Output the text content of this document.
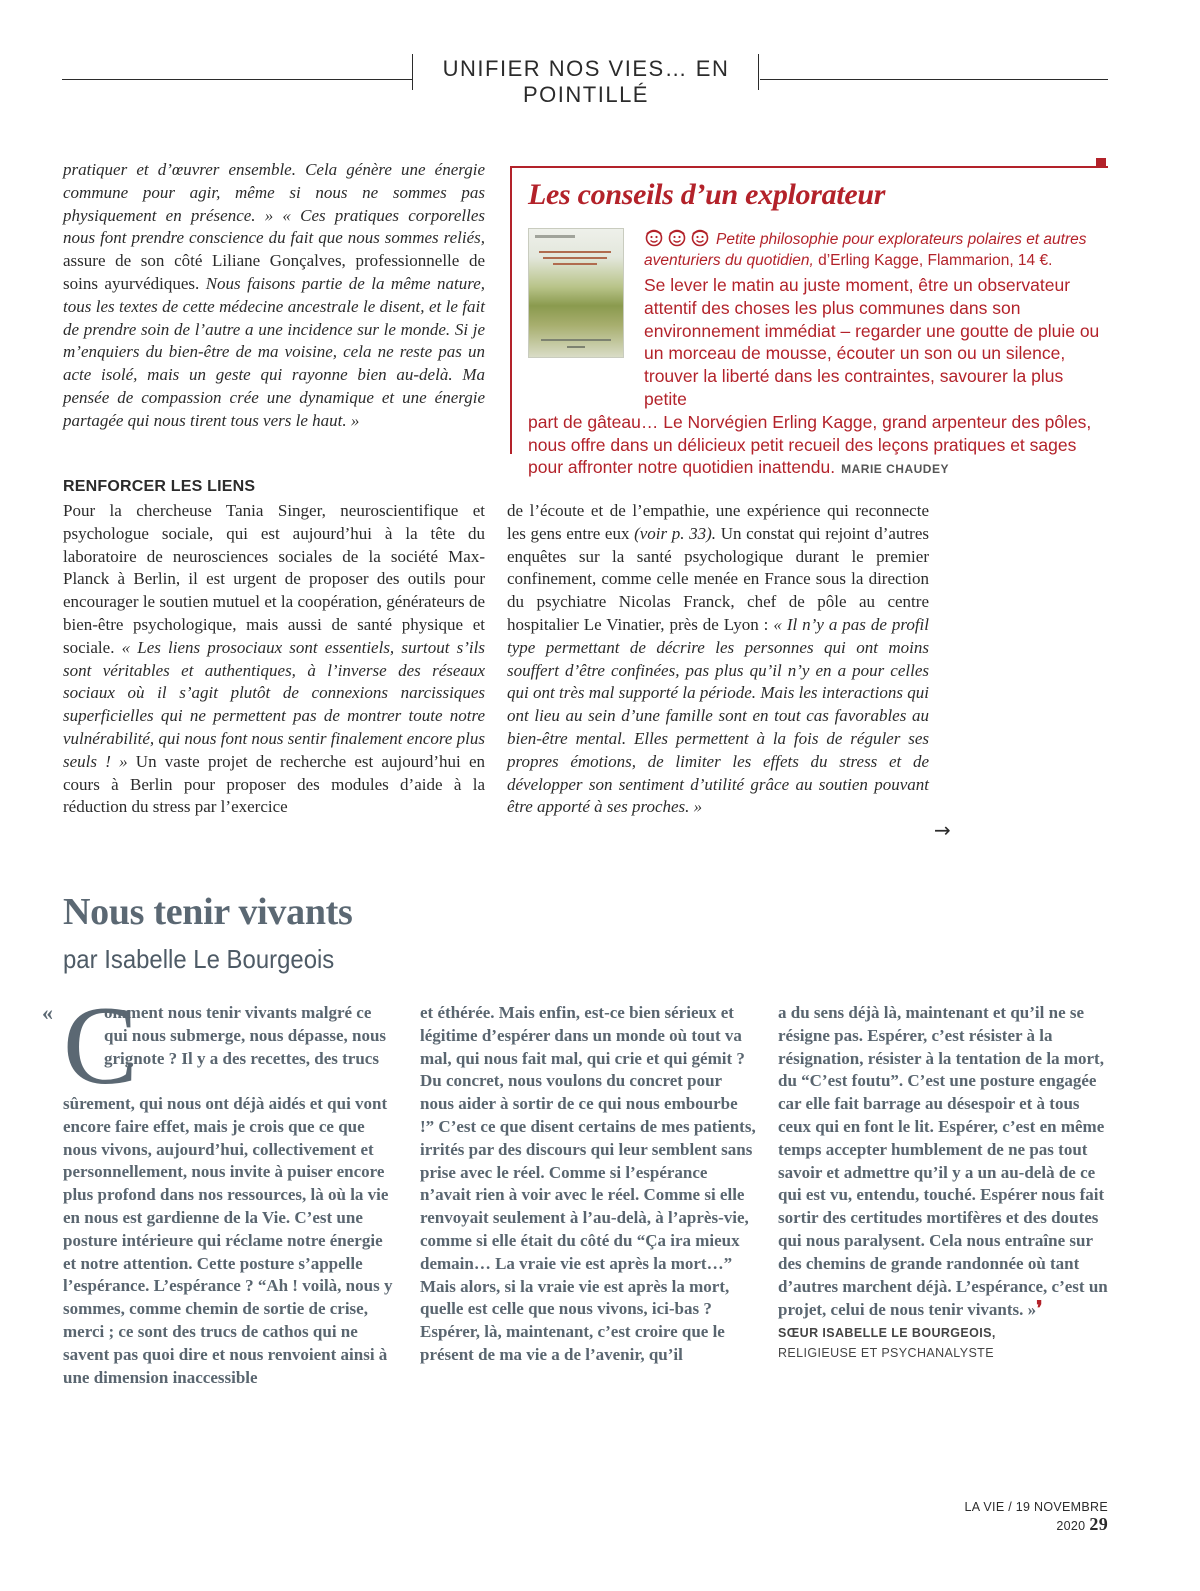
UNIFIER NOS VIES… EN POINTILLÉ

pratiquer et d’œuvrer ensemble. Cela génère une énergie commune pour agir, même si nous ne sommes pas physiquement en présence. » « Ces pratiques corporelles nous font prendre conscience du fait que nous sommes reliés, assure de son côté Liliane Gonçalves, professionnelle de soins ayurvédiques. Nous faisons partie de la même nature, tous les textes de cette médecine ancestrale le disent, et le fait de prendre soin de l’autre a une incidence sur le monde. Si je m’enquiers du bien-être de ma voisine, cela ne reste pas un acte isolé, mais un geste qui rayonne bien au-delà. Ma pensée de compassion crée une dynamique et une énergie partagée qui nous tirent tous vers le haut. »

Les conseils d’un explorateur
Petite philosophie pour explorateurs polaires et autres aventuriers du quotidien, d’Erling Kagge, Flammarion, 14 €.
Se lever le matin au juste moment, être un observateur attentif des choses les plus communes dans son environnement immédiat – regarder une goutte de pluie ou un morceau de mousse, écouter un son ou un silence, trouver la liberté dans les contraintes, savourer la plus petite
part de gâteau… Le Norvégien Erling Kagge, grand arpenteur des pôles, nous offre dans un délicieux petit recueil des leçons pratiques et sages pour affronter notre quotidien inattendu. MARIE CHAUDEY
RENFORCER LES LIENS

Pour la chercheuse Tania Singer, neuroscientifique et psychologue sociale, qui est aujourd’hui à la tête du laboratoire de neurosciences sociales de la société Max-Planck à Berlin, il est urgent de proposer des outils pour encourager le soutien mutuel et la coopération, générateurs de bien-être psychologique, mais aussi de santé physique et sociale. « Les liens prosociaux sont essentiels, surtout s’ils sont véritables et authentiques, à l’inverse des réseaux sociaux où il s’agit plutôt de connexions narcissiques superficielles qui ne permettent pas de montrer toute notre vulnérabilité, qui nous font nous sentir finalement encore plus seuls ! » Un vaste projet de recherche est aujourd’hui en cours à Berlin pour proposer des modules d’aide à la réduction du stress par l’exercice

de l’écoute et de l’empathie, une expérience qui reconnecte les gens entre eux (voir p. 33). Un constat qui rejoint d’autres enquêtes sur la santé psychologique durant le premier confinement, comme celle menée en France sous la direction du psychiatre Nicolas Franck, chef de pôle au centre hospitalier Le Vinatier, près de Lyon : « Il n’y a pas de profil type permettant de décrire les personnes qui ont moins souffert d’être confinées, pas plus qu’il n’y en a pour celles qui ont très mal supporté la période. Mais les interactions qui ont lieu au sein d’une famille sont en tout cas favorables au bien-être mental. Elles permettent à la fois de réguler ses propres émotions, de limiter les effets du stress et de développer son sentiment d’utilité grâce au soutien pouvant être apporté à ses proches. »

→
Nous tenir vivants
par Isabelle Le Bourgeois
« C

omment nous tenir vivants malgré ce qui nous submerge, nous dépasse, nous grignote ? Il y a des recettes, des trucs

sûrement, qui nous ont déjà aidés et qui vont encore faire effet, mais je crois que ce que nous vivons, aujourd’hui, collectivement et personnellement, nous invite à puiser encore plus profond dans nos ressources, là où la vie en nous est gardienne de la Vie. C’est une posture intérieure qui réclame notre énergie et notre attention. Cette posture s’appelle l’espérance. L’espérance ? “Ah ! voilà, nous y sommes, comme chemin de sortie de crise, merci ; ce sont des trucs de cathos qui ne savent pas quoi dire et nous renvoient ainsi à une dimension inaccessible

et éthérée. Mais enfin, est-ce bien sérieux et légitime d’espérer dans un monde où tout va mal, qui nous fait mal, qui crie et qui gémit ? Du concret, nous voulons du concret pour nous aider à sortir de ce qui nous embourbe !” C’est ce que disent certains de mes patients, irrités par des discours qui leur semblent sans prise avec le réel. Comme si l’espérance n’avait rien à voir avec le réel. Comme si elle renvoyait seulement à l’au-delà, à l’après-vie, comme si elle était du côté du “Ça ira mieux demain… La vraie vie est après la mort…” Mais alors, si la vraie vie est après la mort, quelle est celle que nous vivons, ici-bas ? Espérer, là, maintenant, c’est croire que le présent de ma vie a de l’avenir, qu’il

a du sens déjà là, maintenant et qu’il ne se résigne pas. Espérer, c’est résister à la résignation, résister à la tentation de la mort, du “C’est foutu”. C’est une posture engagée car elle fait barrage au désespoir et à tous ceux qui en font le lit. Espérer, c’est en même temps accepter humblement de ne pas tout savoir et admettre qu’il y a un au-delà de ce qui est vu, entendu, touché. Espérer nous fait sortir des certitudes mortifères et des doutes qui nous paralysent. Cela nous entraîne sur des chemins de grande randonnée où tant d’autres marchent déjà. L’espérance, c’est un projet, celui de nous tenir vivants. »❜

SŒUR ISABELLE LE BOURGEOIS,
RELIGIEUSE ET PSYCHANALYSTE
LA VIE / 19 NOVEMBRE 2020 29
